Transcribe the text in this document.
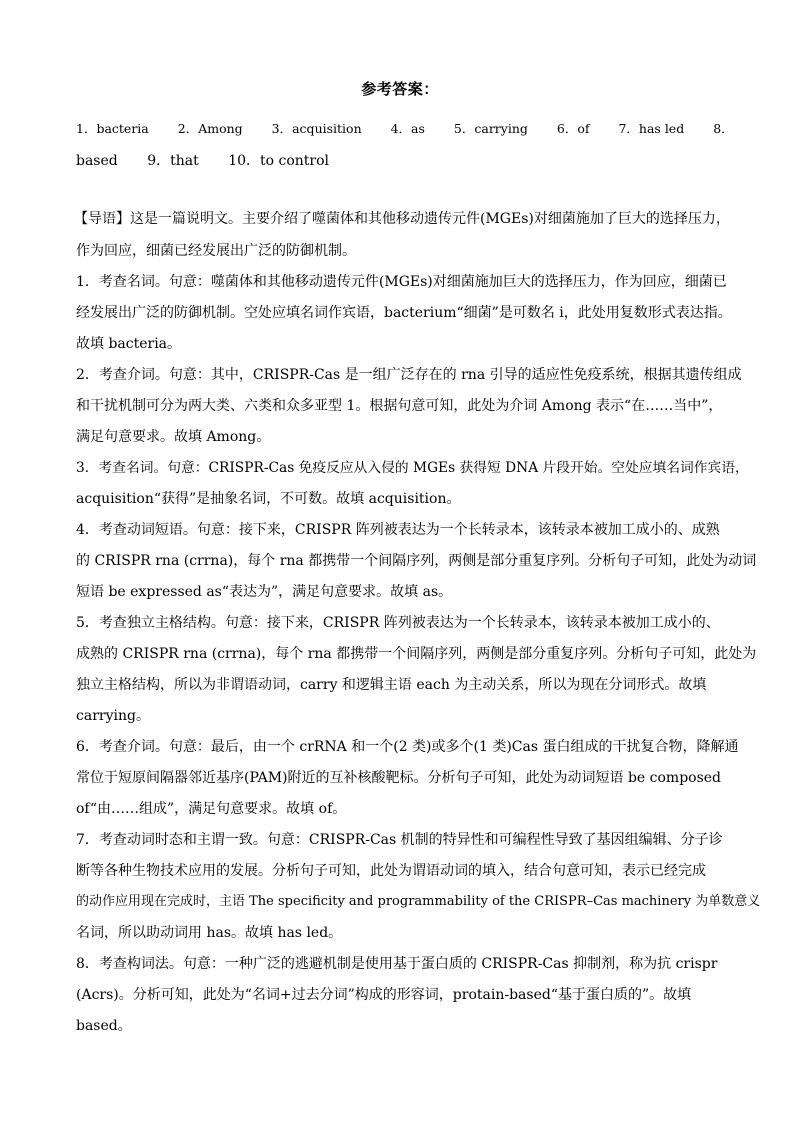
参考答案：
1．bacteria 2．Among 3．acquisition 4．as 5．carrying 6．of 7．has led 8．
based 9．that 10．to control
【导语】这是一篇说明文。主要介绍了噬菌体和其他移动遗传元件(MGEs)对细菌施加了巨大的选择压力，
作为回应，细菌已经发展出广泛的防御机制。
1．考查名词。句意：噬菌体和其他移动遗传元件(MGEs)对细菌施加巨大的选择压力，作为回应，细菌已
经发展出广泛的防御机制。空处应填名词作宾语，bacterium“细菌”是可数名 i，此处用复数形式表达指。
故填 bacteria。
2．考查介词。句意：其中，CRISPR-Cas 是一组广泛存在的 rna 引导的适应性免疫系统，根据其遗传组成
和干扰机制可分为两大类、六类和众多亚型 1。根据句意可知，此处为介词 Among 表示“在……当中”，
满足句意要求。故填 Among。
3．考查名词。句意：CRISPR-Cas 免疫反应从入侵的 MGEs 获得短 DNA 片段开始。空处应填名词作宾语，
acquisition“获得”是抽象名词，不可数。故填 acquisition。
4．考查动词短语。句意：接下来，CRISPR 阵列被表达为一个长转录本，该转录本被加工成小的、成熟
的 CRISPR rna (crrna)，每个 rna 都携带一个间隔序列，两侧是部分重复序列。分析句子可知，此处为动词
短语 be expressed as“表达为”，满足句意要求。故填 as。
5．考查独立主格结构。句意：接下来，CRISPR 阵列被表达为一个长转录本，该转录本被加工成小的、
成熟的 CRISPR rna (crrna)，每个 rna 都携带一个间隔序列，两侧是部分重复序列。分析句子可知，此处为
独立主格结构，所以为非谓语动词，carry 和逻辑主语 each 为主动关系，所以为现在分词形式。故填
carrying。
6．考查介词。句意：最后，由一个 crRNA 和一个(2 类)或多个(1 类)Cas 蛋白组成的干扰复合物，降解通
常位于短原间隔器邻近基序(PAM)附近的互补核酸靶标。分析句子可知，此处为动词短语 be composed
of“由……组成”，满足句意要求。故填 of。
7．考查动词时态和主谓一致。句意：CRISPR-Cas 机制的特异性和可编程性导致了基因组编辑、分子诊
断等各种生物技术应用的发展。分析句子可知，此处为谓语动词的填入，结合句意可知，表示已经完成
的动作应用现在完成时，主语 The specificity and programmability of the CRISPR–Cas machinery 为单数意义
名词，所以助动词用 has。故填 has led。
8．考查构词法。句意：一种广泛的逃避机制是使用基于蛋白质的 CRISPR-Cas 抑制剂，称为抗 crispr
(Acrs)。分析可知，此处为“名词+过去分词”构成的形容词，protain-based“基于蛋白质的”。故填
based。
